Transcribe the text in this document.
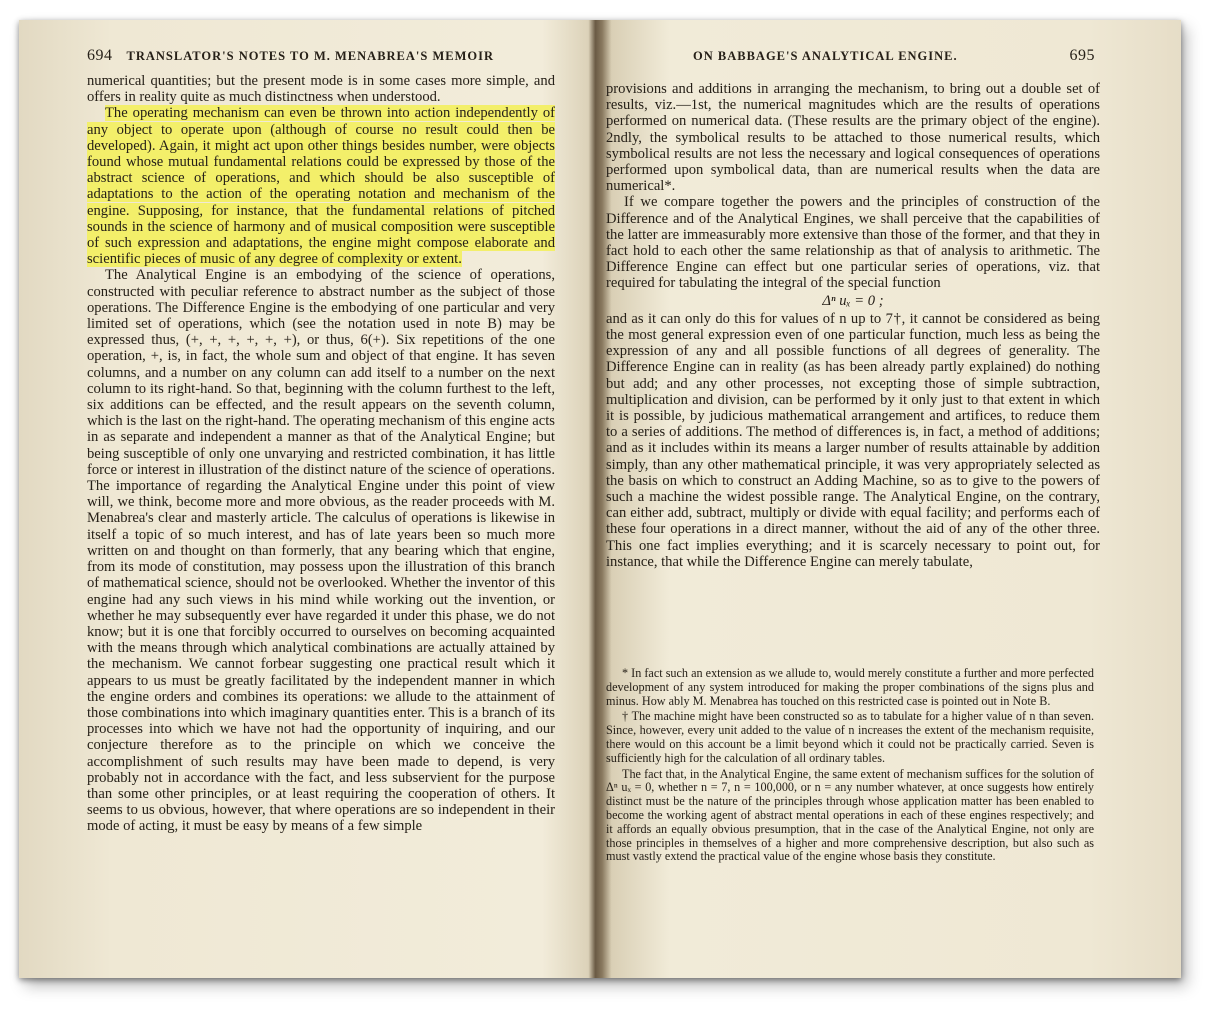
694 TRANSLATOR'S NOTES TO M. MENABREA'S MEMOIR

numerical quantities; but the present mode is in some cases more simple, and offers in reality quite as much distinctness when understood.

The operating mechanism can even be thrown into action independently of any object to operate upon (although of course no result could then be developed). Again, it might act upon other things besides number, were objects found whose mutual fundamental relations could be expressed by those of the abstract science of operations, and which should be also susceptible of adaptations to the action of the operating notation and mechanism of the engine. Supposing, for instance, that the fundamental relations of pitched sounds in the science of harmony and of musical composition were susceptible of such expression and adaptations, the engine might compose elaborate and scientific pieces of music of any degree of complexity or extent.

The Analytical Engine is an embodying of the science of operations, constructed with peculiar reference to abstract number as the subject of those operations. The Difference Engine is the embodying of one particular and very limited set of operations, which (see the notation used in note B) may be expressed thus, (+, +, +, +, +, +), or thus, 6(+). Six repetitions of the one operation, +, is, in fact, the whole sum and object of that engine. It has seven columns, and a number on any column can add itself to a number on the next column to its right-hand. So that, beginning with the column furthest to the left, six additions can be effected, and the result appears on the seventh column, which is the last on the right-hand. The operating mechanism of this engine acts in as separate and independent a manner as that of the Analytical Engine; but being susceptible of only one unvarying and restricted combination, it has little force or interest in illustration of the distinct nature of the science of operations. The importance of regarding the Analytical Engine under this point of view will, we think, become more and more obvious, as the reader proceeds with M. Menabrea's clear and masterly article. The calculus of operations is likewise in itself a topic of so much interest, and has of late years been so much more written on and thought on than formerly, that any bearing which that engine, from its mode of constitution, may possess upon the illustration of this branch of mathematical science, should not be overlooked. Whether the inventor of this engine had any such views in his mind while working out the invention, or whether he may subsequently ever have regarded it under this phase, we do not know; but it is one that forcibly occurred to ourselves on becoming acquainted with the means through which analytical combinations are actually attained by the mechanism. We cannot forbear suggesting one practical result which it appears to us must be greatly facilitated by the independent manner in which the engine orders and combines its operations: we allude to the attainment of those combinations into which imaginary quantities enter. This is a branch of its processes into which we have not had the opportunity of inquiring, and our conjecture therefore as to the principle on which we conceive the accomplishment of such results may have been made to depend, is very probably not in accordance with the fact, and less subservient for the purpose than some other principles, or at least requiring the cooperation of others. It seems to us obvious, however, that where operations are so independent in their mode of acting, it must be easy by means of a few simple

ON BABBAGE'S ANALYTICAL ENGINE.	695

provisions and additions in arranging the mechanism, to bring out a double set of results, viz.—1st, the numerical magnitudes which are the results of operations performed on numerical data. (These results are the primary object of the engine). 2ndly, the symbolical results to be attached to those numerical results, which symbolical results are not less the necessary and logical consequences of operations performed upon symbolical data, than are numerical results when the data are numerical*.

If we compare together the powers and the principles of construction of the Difference and of the Analytical Engines, we shall perceive that the capabilities of the latter are immeasurably more extensive than those of the former, and that they in fact hold to each other the same relationship as that of analysis to arithmetic. The Difference Engine can effect but one particular series of operations, viz. that required for tabulating the integral of the special function

Δⁿ uₓ = 0 ;

and as it can only do this for values of n up to 7†, it cannot be considered as being the most general expression even of one particular function, much less as being the expression of any and all possible functions of all degrees of generality. The Difference Engine can in reality (as has been already partly explained) do nothing but add; and any other processes, not excepting those of simple subtraction, multiplication and division, can be performed by it only just to that extent in which it is possible, by judicious mathematical arrangement and artifices, to reduce them to a series of additions. The method of differences is, in fact, a method of additions; and as it includes within its means a larger number of results attainable by addition simply, than any other mathematical principle, it was very appropriately selected as the basis on which to construct an Adding Machine, so as to give to the powers of such a machine the widest possible range. The Analytical Engine, on the contrary, can either add, subtract, multiply or divide with equal facility; and performs each of these four operations in a direct manner, without the aid of any of the other three. This one fact implies everything; and it is scarcely necessary to point out, for instance, that while the Difference Engine can merely tabulate,

* In fact such an extension as we allude to, would merely constitute a further and more perfected development of any system introduced for making the proper combinations of the signs plus and minus. How ably M. Menabrea has touched on this restricted case is pointed out in Note B.

† The machine might have been constructed so as to tabulate for a higher value of n than seven. Since, however, every unit added to the value of n increases the extent of the mechanism requisite, there would on this account be a limit beyond which it could not be practically carried. Seven is sufficiently high for the calculation of all ordinary tables.

The fact that, in the Analytical Engine, the same extent of mechanism suffices for the solution of Δⁿ uₓ = 0, whether n = 7, n = 100,000, or n = any number whatever, at once suggests how entirely distinct must be the nature of the principles through whose application matter has been enabled to become the working agent of abstract mental operations in each of these engines respectively; and it affords an equally obvious presumption, that in the case of the Analytical Engine, not only are those principles in themselves of a higher and more comprehensive description, but also such as must vastly extend the practical value of the engine whose basis they constitute.
